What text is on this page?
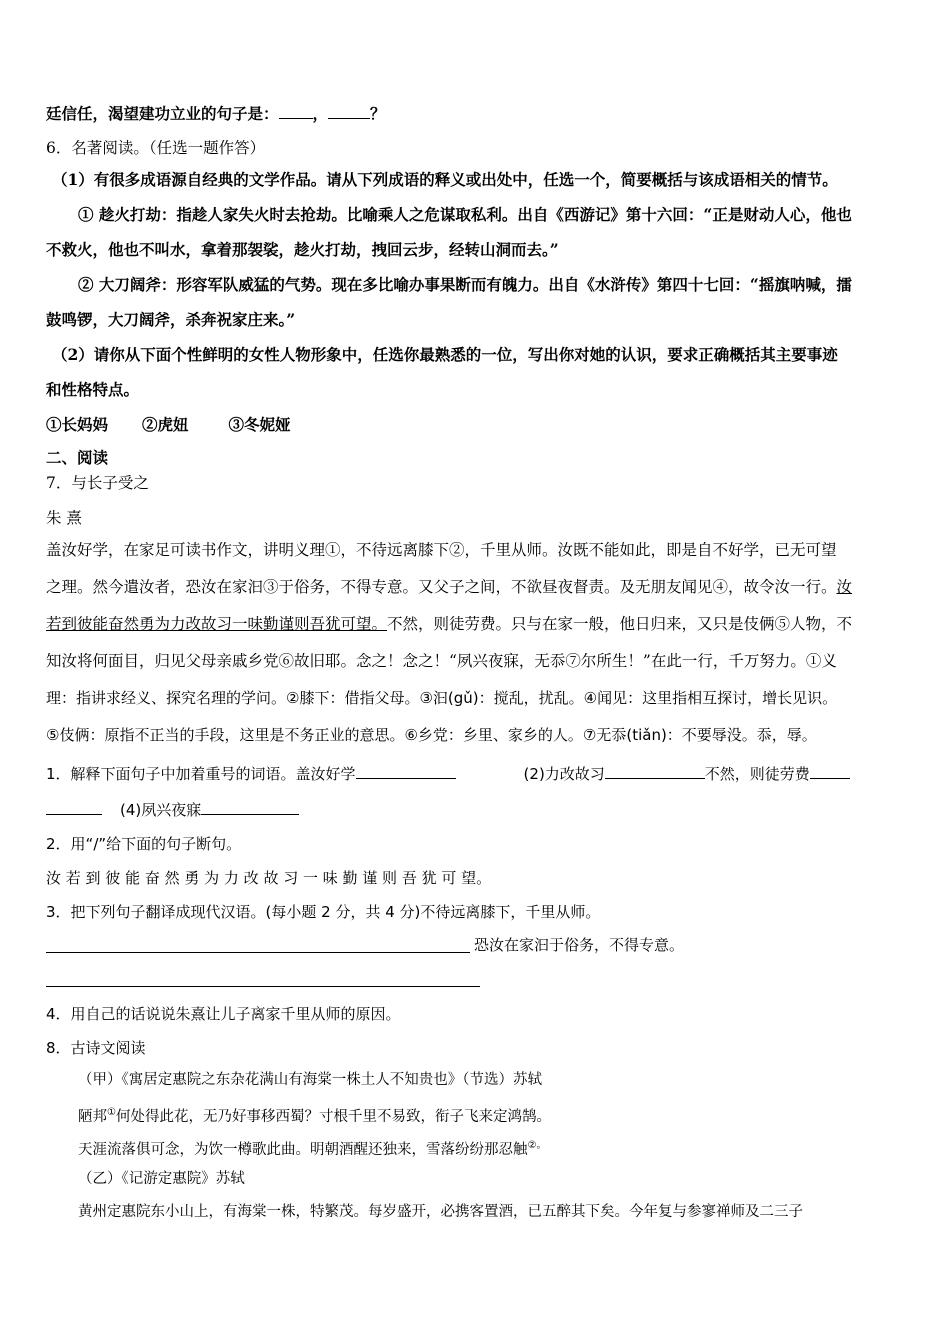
廷信任，渴望建功立业的句子是： ，	？
6．名著阅读。（任选一题作答）
（1）有很多成语源自经典的文学作品。请从下列成语的释义或出处中，任选一个，简要概括与该成语相关的情节。
① 趁火打劫：指趁人家失火时去抢劫。比喻乘人之危谋取私利。出自《西游记》第十六回：“正是财动人心，他也
不救火，他也不叫水，拿着那袈裟，趁火打劫，拽回云步，经转山洞而去。”
② 大刀阔斧：形容军队威猛的气势。现在多比喻办事果断而有魄力。出自《水浒传》第四十七回：“摇旗呐喊，擂
鼓鸣锣，大刀阔斧，杀奔祝家庄来。”
（2）请你从下面个性鲜明的女性人物形象中，任选你最熟悉的一位，写出你对她的认识，要求正确概括其主要事迹
和性格特点。
①长妈妈 ②虎妞	③冬妮娅
二、阅读
7．与长子受之
朱 熹
盖汝好学，在家足可读书作文，讲明义理①，不待远离膝下②，千里从师。汝既不能如此，即是自不好学，已无可望
之理。然今遣汝者，恐汝在家汩③于俗务，不得专意。又父子之间，不欲昼夜督责。及无朋友闻见④，故令汝一行。汝
若到彼能奋然勇为力改故习一味勤谨则吾犹可望。不然，则徒劳费。只与在家一般，他日归来，又只是伎俩⑤人物，不
知汝将何面目，归见父母亲戚乡党⑥故旧耶。念之！念之！“夙兴夜寐，无忝⑦尔所生！”在此一行，千万努力。①义
理：指讲求经义、探究名理的学问。②膝下：借指父母。③汩(gǔ)：搅乱，扰乱。④闻见：这里指相互探讨，增长见识。
⑤伎俩：原指不正当的手段，这里是不务正业的意思。⑥乡党：乡里、家乡的人。⑦无忝(tiǎn)：不要辱没。忝，辱。
1．解释下面句子中加着重号的词语。盖汝好学	(2)力改故习	不然，则徒劳费
(4)夙兴夜寐
2．用“/”给下面的句子断句。
汝 若 到 彼 能 奋 然 勇 为 力 改 故 习 一 味 勤 谨 则 吾 犹 可 望。
3．把下列句子翻译成现代汉语。(每小题 2 分，共 4 分)不待远离膝下，千里从师。
恐汝在家汩于俗务，不得专意。
4．用自己的话说说朱熹让儿子离家千里从师的原因。
8．古诗文阅读
（甲）《寓居定惠院之东杂花满山有海棠一株土人不知贵也》（节选）苏轼
陋邦①何处得此花，无乃好事移西蜀？寸根千里不易致，衔子飞来定鸿鹄。
天涯流落俱可念，为饮一樽歌此曲。明朝酒醒还独来，雪落纷纷那忍触②。
（乙）《记游定惠院》苏轼
黄州定惠院东小山上，有海棠一株，特繁茂。每岁盛开，必携客置酒，已五醉其下矣。今年复与参寥禅师及二三子
